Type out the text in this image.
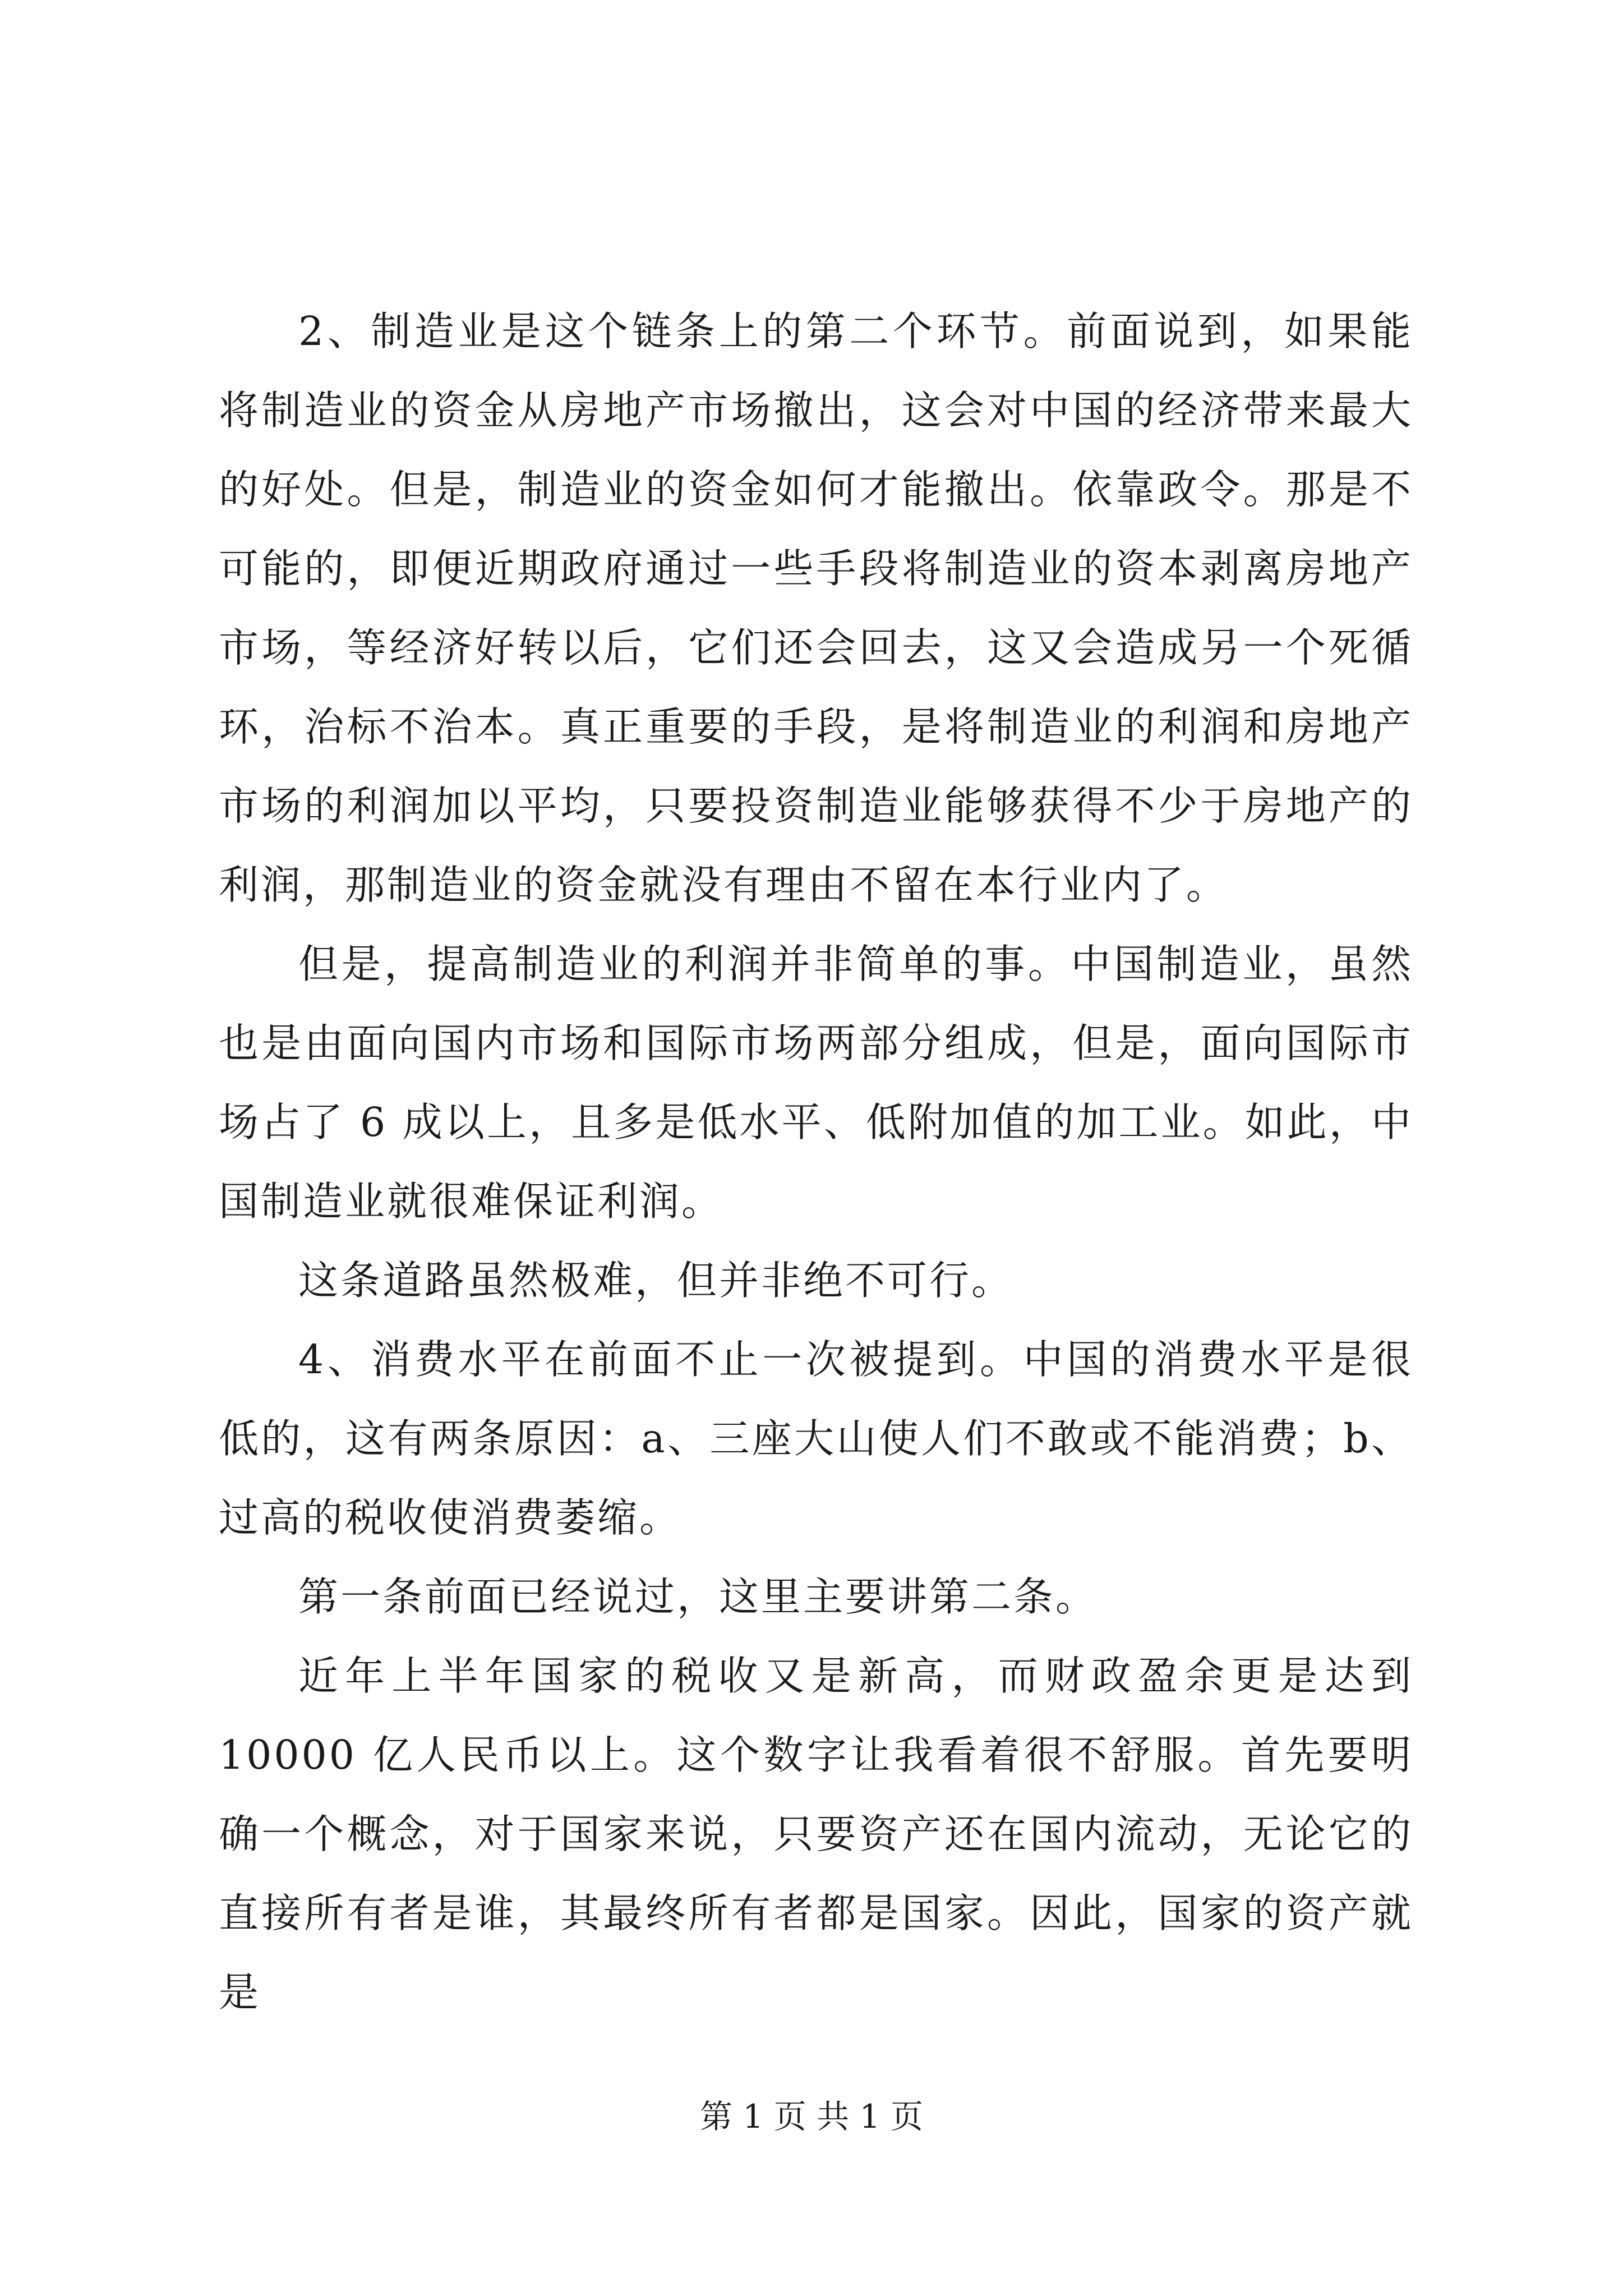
2、制造业是这个链条上的第二个环节。前面说到，如果能将制造业的资金从房地产市场撤出，这会对中国的经济带来最大的好处。但是，制造业的资金如何才能撤出。依靠政令。那是不可能的，即便近期政府通过一些手段将制造业的资本剥离房地产市场，等经济好转以后，它们还会回去，这又会造成另一个死循环，治标不治本。真正重要的手段，是将制造业的利润和房地产市场的利润加以平均，只要投资制造业能够获得不少于房地产的利润，那制造业的资金就没有理由不留在本行业内了。

但是，提高制造业的利润并非简单的事。中国制造业，虽然也是由面向国内市场和国际市场两部分组成，但是，面向国际市场占了 6 成以上，且多是低水平、低附加值的加工业。如此，中国制造业就很难保证利润。

这条道路虽然极难，但并非绝不可行。

4、消费水平在前面不止一次被提到。中国的消费水平是很低的，这有两条原因：a、三座大山使人们不敢或不能消费；b、过高的税收使消费萎缩。

第一条前面已经说过，这里主要讲第二条。

近年上半年国家的税收又是新高，而财政盈余更是达到 10000 亿人民币以上。这个数字让我看着很不舒服。首先要明确一个概念，对于国家来说，只要资产还在国内流动，无论它的直接所有者是谁，其最终所有者都是国家。因此，国家的资产就是

第 1 页 共 1 页
